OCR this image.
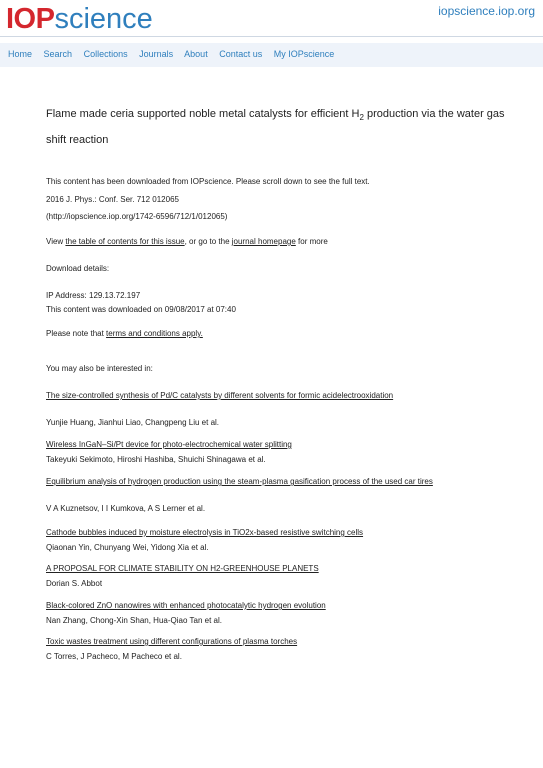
IOPscience	iopscience.iop.org
Home Search Collections Journals About Contact us My IOPscience
Flame made ceria supported noble metal catalysts for efficient $H_2$ production via the water gas shift reaction
This content has been downloaded from IOPscience. Please scroll down to see the full text.
2016 J. Phys.: Conf. Ser. 712 012065
(http://iopscience.iop.org/1742-6596/712/1/012065)
View the table of contents for this issue, or go to the journal homepage for more
Download details:
IP Address: 129.13.72.197
This content was downloaded on 09/08/2017 at 07:40
Please note that terms and conditions apply.
You may also be interested in:
The size-controlled synthesis of Pd/C catalysts by different solvents for formic acidelectrooxidation
Yunjie Huang, Jianhui Liao, Changpeng Liu et al.
Wireless InGaN–Si/Pt device for photo-electrochemical water splitting
Takeyuki Sekimoto, Hiroshi Hashiba, Shuichi Shinagawa et al.
Equilibrium analysis of hydrogen production using the steam-plasma gasification process of the used car tires
V A Kuznetsov, I I Kumkova, A S Lerner et al.
Cathode bubbles induced by moisture electrolysis in TiO2x-based resistive switching cells
Qiaonan Yin, Chunyang Wei, Yidong Xia et al.
A PROPOSAL FOR CLIMATE STABILITY ON H2-GREENHOUSE PLANETS
Dorian S. Abbot
Black-colored ZnO nanowires with enhanced photocatalytic hydrogen evolution
Nan Zhang, Chong-Xin Shan, Hua-Qiao Tan et al.
Toxic wastes treatment using different configurations of plasma torches
C Torres, J Pacheco, M Pacheco et al.
